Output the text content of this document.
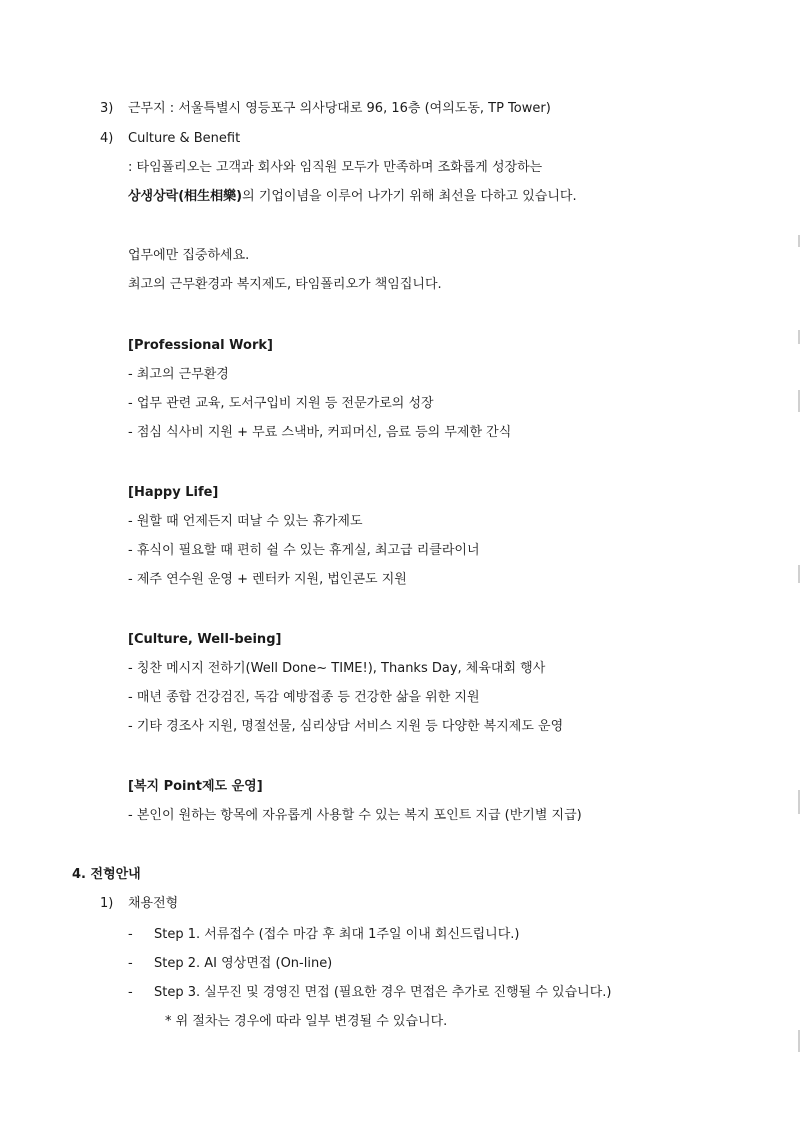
3) 근무지 : 서울특별시 영등포구 의사당대로 96, 16층 (여의도동, TP Tower)
4) Culture & Benefit
: 타임폴리오는 고객과 회사와 임직원 모두가 만족하며 조화롭게 성장하는
상생상락(相生相樂)의 기업이념을 이루어 나가기 위해 최선을 다하고 있습니다.
업무에만 집중하세요.
최고의 근무환경과 복지제도, 타임폴리오가 책임집니다.
[Professional Work]
- 최고의 근무환경
- 업무 관련 교육, 도서구입비 지원 등 전문가로의 성장
- 점심 식사비 지원 + 무료 스낵바, 커피머신, 음료 등의 무제한 간식
[Happy Life]
- 원할 때 언제든지 떠날 수 있는 휴가제도
- 휴식이 필요할 때 편히 쉴 수 있는 휴게실, 최고급 리클라이너
- 제주 연수원 운영 + 렌터카 지원, 법인콘도 지원
[Culture, Well-being]
- 칭찬 메시지 전하기(Well Done~ TIME!), Thanks Day, 체육대회 행사
- 매년 종합 건강검진, 독감 예방접종 등 건강한 삶을 위한 지원
- 기타 경조사 지원, 명절선물, 심리상담 서비스 지원 등 다양한 복지제도 운영
[복지 Point제도 운영]
- 본인이 원하는 항목에 자유롭게 사용할 수 있는 복지 포인트 지급 (반기별 지급)
4. 전형안내
1) 채용전형
- Step 1. 서류접수 (접수 마감 후 최대 1주일 이내 회신드립니다.)
- Step 2. AI 영상면접 (On-line)
- Step 3. 실무진 및 경영진 면접 (필요한 경우 면접은 추가로 진행될 수 있습니다.)
* 위 절차는 경우에 따라 일부 변경될 수 있습니다.
